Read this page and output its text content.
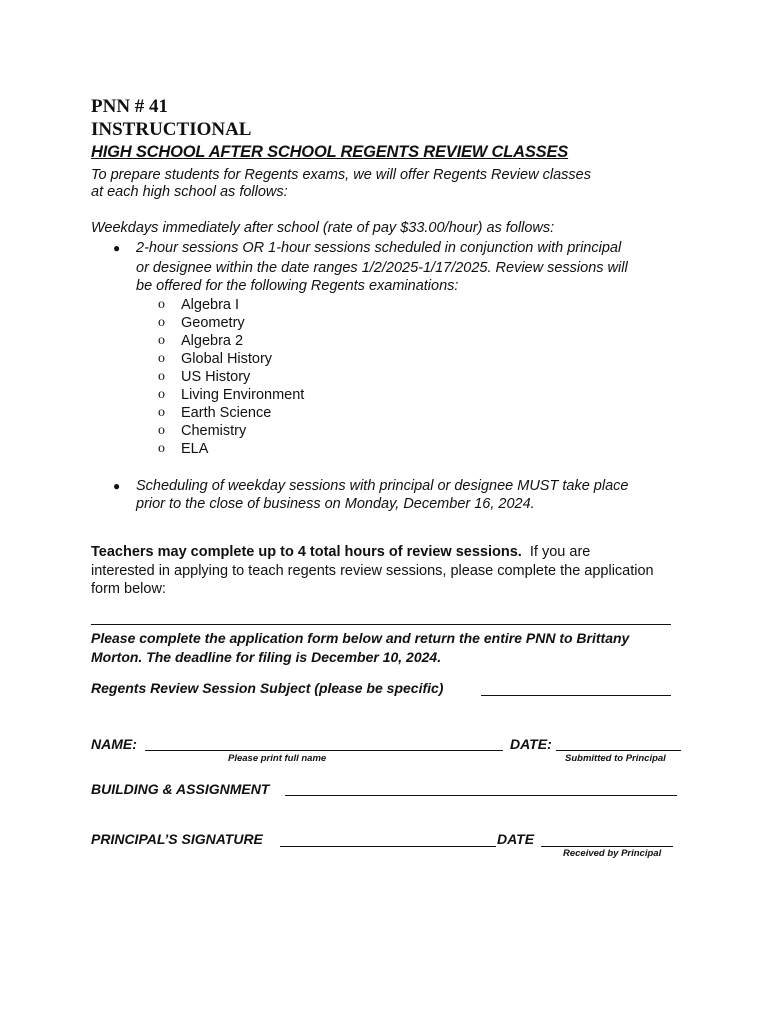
PNN # 41
INSTRUCTIONAL
HIGH SCHOOL AFTER SCHOOL REGENTS REVIEW CLASSES
To prepare students for Regents exams, we will offer Regents Review classes
at each high school as follows:
Weekdays immediately after school (rate of pay $33.00/hour) as follows:
● 2-hour sessions OR 1-hour sessions scheduled in conjunction with principal
or designee within the date ranges 1/2/2025-1/17/2025. Review sessions will
be offered for the following Regents examinations:
o Algebra I
o Geometry
o Algebra 2
o Global History
o US History
o Living Environment
o Earth Science
o Chemistry
o ELA
● Scheduling of weekday sessions with principal or designee MUST take place
prior to the close of business on Monday, December 16, 2024.
Teachers may complete up to 4 total hours of review sessions. If you are
interested in applying to teach regents review sessions, please complete the application
form below:
Please complete the application form below and return the entire PNN to Brittany
Morton. The deadline for filing is December 10, 2024.
Regents Review Session Subject (please be specific)
NAME:
Please print full name
DATE:
Submitted to Principal
BUILDING & ASSIGNMENT
PRINCIPAL’S SIGNATURE	DATE
Received by Principal
